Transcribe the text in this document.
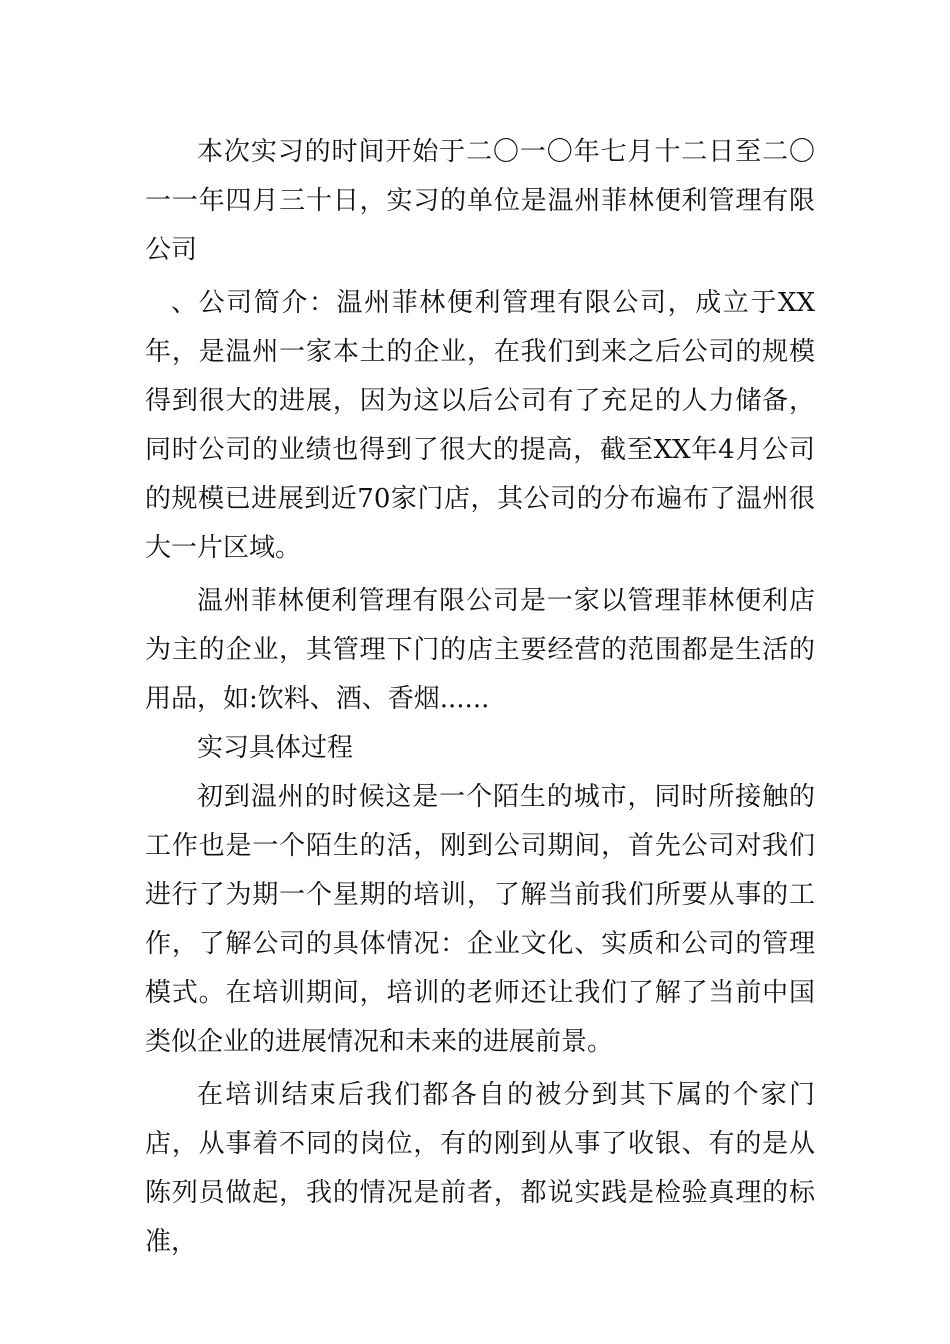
本次实习的时间开始于二〇一〇年七月十二日至二〇一一年四月三十日，实习的单位是温州菲林便利管理有限公司

、公司简介：温州菲林便利管理有限公司，成立于XX年，是温州一家本土的企业，在我们到来之后公司的规模得到很大的进展，因为这以后公司有了充足的人力储备，同时公司的业绩也得到了很大的提高，截至XX年4月公司的规模已进展到近70家门店，其公司的分布遍布了温州很大一片区域。

温州菲林便利管理有限公司是一家以管理菲林便利店为主的企业，其管理下门的店主要经营的范围都是生活的用品，如:饮料、酒、香烟......

实习具体过程

初到温州的时候这是一个陌生的城市，同时所接触的工作也是一个陌生的活，刚到公司期间，首先公司对我们进行了为期一个星期的培训，了解当前我们所要从事的工作，了解公司的具体情况：企业文化、实质和公司的管理模式。在培训期间，培训的老师还让我们了解了当前中国类似企业的进展情况和未来的进展前景。

在培训结束后我们都各自的被分到其下属的个家门店，从事着不同的岗位，有的刚到从事了收银、有的是从陈列员做起，我的情况是前者，都说实践是检验真理的标准，
